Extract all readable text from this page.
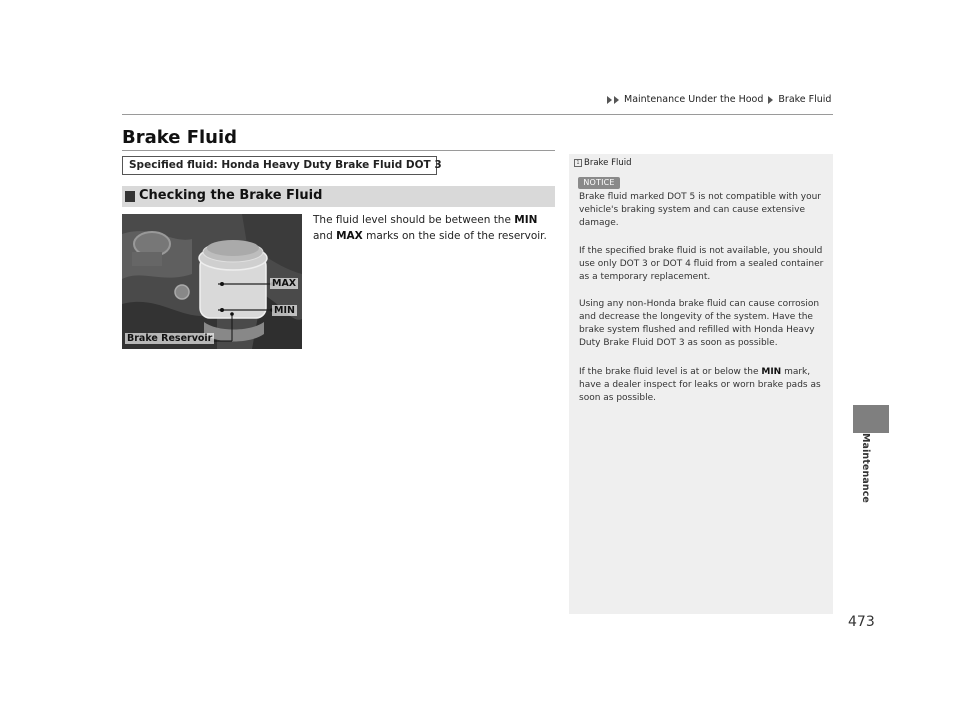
Maintenance Under the Hood Brake Fluid
Maintenance
Brake Fluid
Specified fluid: Honda Heavy Duty Brake Fluid DOT 3
Checking the Brake Fluid
MAX
MIN
Brake Reservoir
The fluid level should be between the MIN
and MAX marks on the side of the reservoir.
1 Brake Fluid
NOTICE

Brake fluid marked DOT 5 is not compatible with your vehicle's braking system and can cause extensive damage.

If the specified brake fluid is not available, you should use only DOT 3 or DOT 4 fluid from a sealed container as a temporary replacement.

Using any non-Honda brake fluid can cause corrosion and decrease the longevity of the system. Have the brake system flushed and refilled with Honda Heavy Duty Brake Fluid DOT 3 as soon as possible.

If the brake fluid level is at or below the MIN mark, have a dealer inspect for leaks or worn brake pads as soon as possible.

473
